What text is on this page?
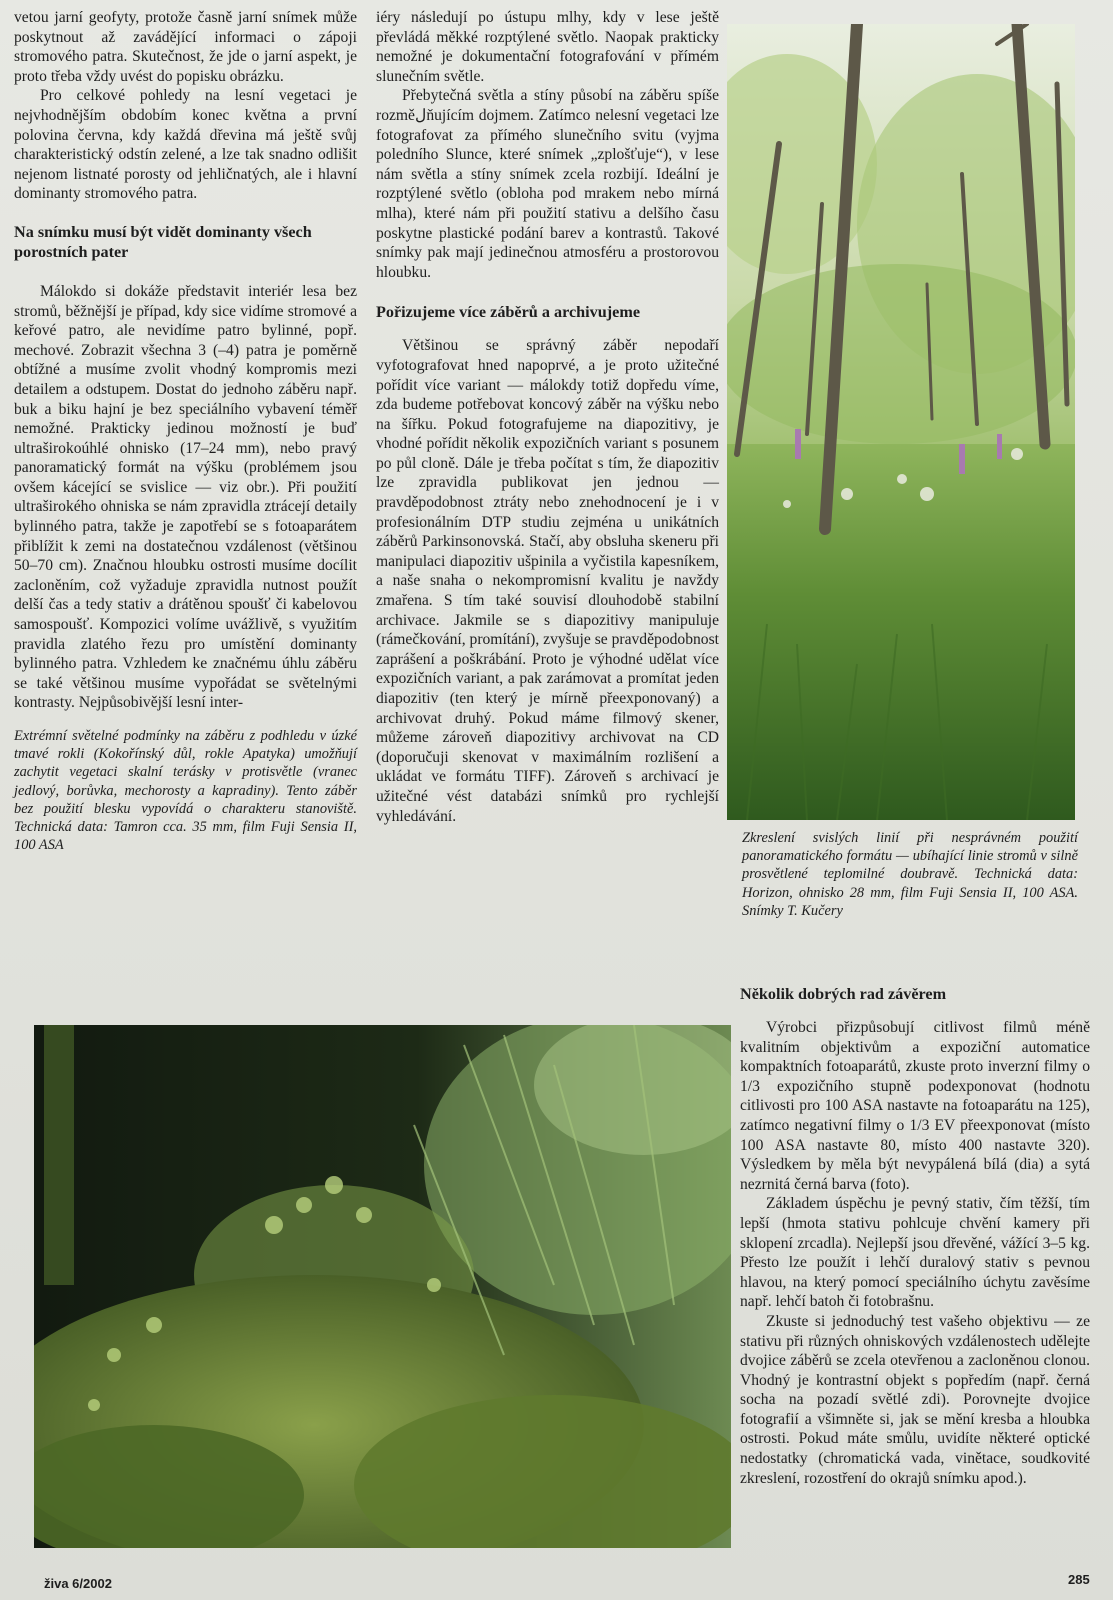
vetou jarní geofyty, protože časně jarní snímek může poskytnout až zavádějící informaci o zápoji stromového patra. Skutečnost, že jde o jarní aspekt, je proto třeba vždy uvést do popisku obrázku.

Pro celkové pohledy na lesní vegetaci je nejvhodnějším obdobím konec května a první polovina června, kdy každá dřevina má ještě svůj charakteristický odstín zelené, a lze tak snadno odlišit nejenom listnaté porosty od jehličnatých, ale i hlavní dominanty stromového patra.

Na snímku musí být vidět dominanty všech porostních pater

Málokdo si dokáže představit interiér lesa bez stromů, běžnější je případ, kdy sice vidíme stromové a keřové patro, ale nevidíme patro bylinné, popř. mechové. Zobrazit všechna 3 (–4) patra je poměrně obtížné a musíme zvolit vhodný kompromis mezi detailem a odstupem. Dostat do jednoho záběru např. buk a biku hajní je bez speciálního vybavení téměř nemožné. Prakticky jedinou možností je buď ultraširokoúhlé ohnisko (17–24 mm), nebo pravý panoramatický formát na výšku (problémem jsou ovšem kácející se svislice — viz obr.). Při použití ultraširokého ohniska se nám zpravidla ztrácejí detaily bylinného patra, takže je zapotřebí se s fotoaparátem přiblížit k zemi na dostatečnou vzdálenost (většinou 50–70 cm). Značnou hloubku ostrosti musíme docílit zacloněním, což vyžaduje zpravidla nutnost použít delší čas a tedy stativ a drátěnou spoušť či kabelovou samospoušť. Kompozici volíme uvážlivě, s využitím pravidla zlatého řezu pro umístění dominanty bylinného patra. Vzhledem ke značnému úhlu záběru se také většinou musíme vypořádat se světelnými kontrasty. Nejpůsobivější lesní inter-

Extrémní světelné podmínky na záběru z podhledu v úzké tmavé rokli (Kokořínský důl, rokle Apatyka) umožňují zachytit vegetaci skalní terásky v protisvětle (vranec jedlový, borůvka, mechorosty a kapradiny). Tento záběr bez použití blesku vypovídá o charakteru stanoviště. Technická data: Tamron cca. 35 mm, film Fuji Sensia II, 100 ASA

iéry následují po ústupu mlhy, kdy v lese ještě převládá měkké rozptýlené světlo. Naopak prakticky nemožné je dokumentační fotografování v přímém slunečním světle.

Přebytečná světla a stíny působí na záběru spíše rozměلňujícím dojmem. Zatímco nelesní vegetaci lze fotografovat za přímého slunečního svitu (vyjma poledního Slunce, které snímek „zplošťuje“), v lese nám světla a stíny snímek zcela rozbijí. Ideální je rozptýlené světlo (obloha pod mrakem nebo mírná mlha), které nám při použití stativu a delšího času poskytne plastické podání barev a kontrastů. Takové snímky pak mají jedinečnou atmosféru a prostorovou hloubku.

Pořizujeme více záběrů a archivujeme

Většinou se správný záběr nepodaří vyfotografovat hned napoprvé, a je proto užitečné pořídit více variant — málokdy totiž dopředu víme, zda budeme potřebovat koncový záběr na výšku nebo na šířku. Pokud fotografujeme na diapozitivy, je vhodné pořídit několik expozičních variant s posunem po půl cloně. Dále je třeba počítat s tím, že diapozitiv lze zpravidla publikovat jen jednou — pravděpodobnost ztráty nebo znehodnocení je i v profesionálním DTP studiu zejména u unikátních záběrů Parkinsonovská. Stačí, aby obsluha skeneru při manipulaci diapozitiv ušpinila a vyčistila kapesníkem, a naše snaha o nekompromisní kvalitu je navždy zmařena. S tím také souvisí dlouhodobě stabilní archivace. Jakmile se s diapozitivy manipuluje (rámečkování, promítání), zvyšuje se pravděpodobnost zaprášení a poškrábání. Proto je výhodné udělat více expozičních variant, a pak zarámovat a promítat jeden diapozitiv (ten který je mírně přeexponovaný) a archivovat druhý. Pokud máme filmový skener, můžeme zároveň diapozitivy archivovat na CD (doporučuji skenovat v maximálním rozlišení a ukládat ve formátu TIFF). Zároveň s archivací je užitečné vést databázi snímků pro rychlejší vyhledávání.

Zkreslení svislých linií při nesprávném použití panoramatického formátu — ubíhající linie stromů v silně prosvětlené teplomilné doubravě. Technická data: Horizon, ohnisko 28 mm, film Fuji Sensia II, 100 ASA. Snímky T. Kučery

Několik dobrých rad závěrem

Výrobci přizpůsobují citlivost filmů méně kvalitním objektivům a expoziční automatice kompaktních fotoaparátů, zkuste proto inverzní filmy o 1/3 expozičního stupně podexponovat (hodnotu citlivosti pro 100 ASA nastavte na fotoaparátu na 125), zatímco negativní filmy o 1/3 EV přeexponovat (místo 100 ASA nastavte 80, místo 400 nastavte 320). Výsledkem by měla být nevypálená bílá (dia) a sytá nezrnitá černá barva (foto).

Základem úspěchu je pevný stativ, čím těžší, tím lepší (hmota stativu pohlcuje chvění kamery při sklopení zrcadla). Nejlepší jsou dřevěné, vážící 3–5 kg. Přesto lze použít i lehčí duralový stativ s pevnou hlavou, na který pomocí speciálního úchytu zavěsíme např. lehčí batoh či fotobrašnu.

Zkuste si jednoduchý test vašeho objektivu — ze stativu při různých ohniskových vzdálenostech udělejte dvojice záběrů se zcela otevřenou a zacloněnou clonou. Vhodný je kontrastní objekt s popředím (např. černá socha na pozadí světlé zdi). Porovnejte dvojice fotografií a všimněte si, jak se mění kresba a hloubka ostrosti. Pokud máte smůlu, uvidíte některé optické nedostatky (chromatická vada, vinětace, soudkovité zkreslení, rozostření do okrajů snímku apod.).

živa 6/2002	285
